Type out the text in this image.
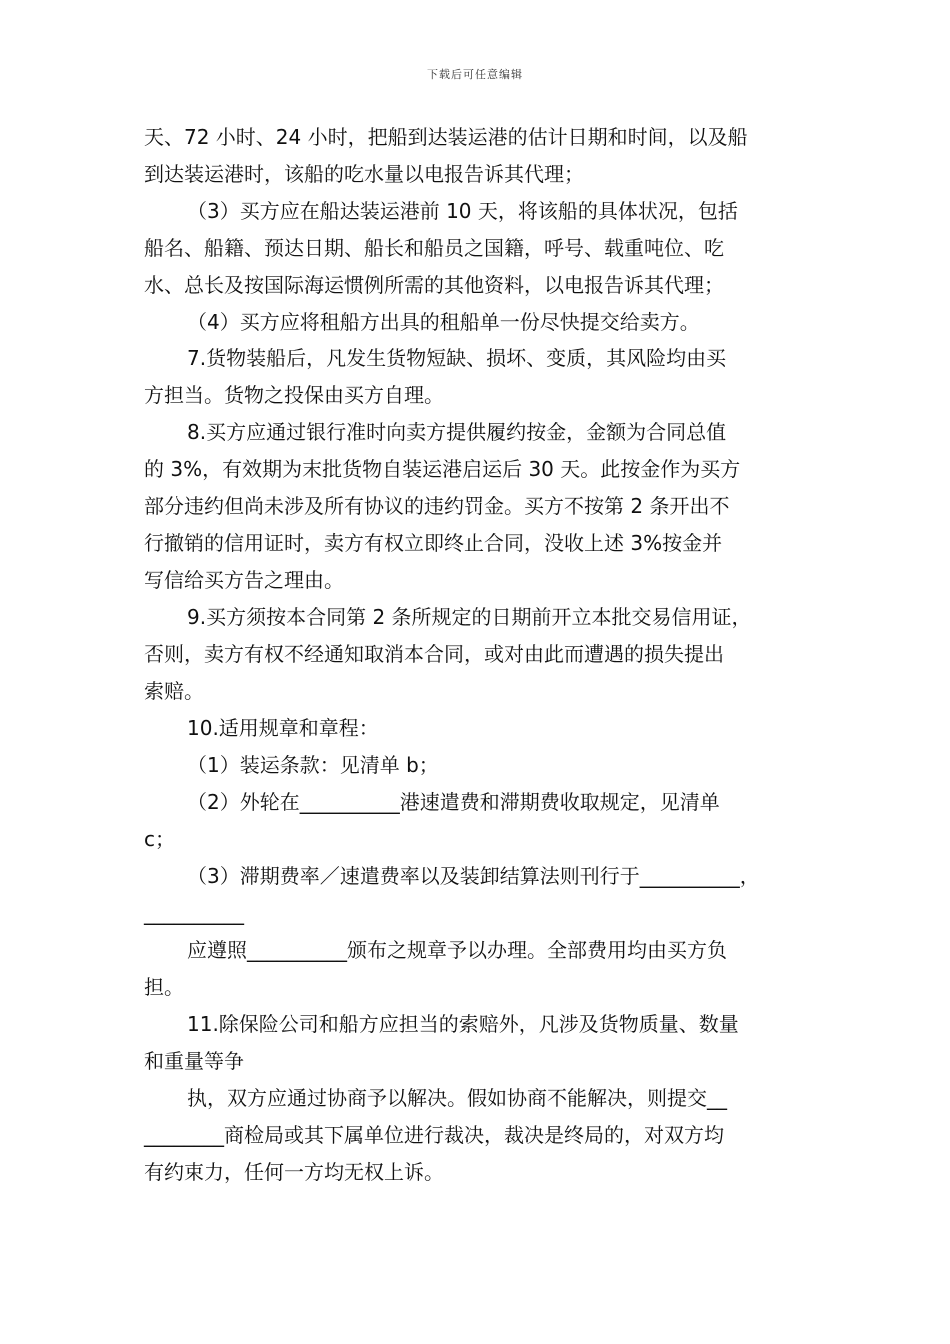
下载后可任意编辑
天、72 小时、24 小时，把船到达装运港的估计日期和时间，以及船
到达装运港时，该船的吃水量以电报告诉其代理；
（3）买方应在船达装运港前 10 天，将该船的具体状况，包括
船名、船籍、预达日期、船长和船员之国籍，呼号、载重吨位、吃
水、总长及按国际海运惯例所需的其他资料，以电报告诉其代理；
（4）买方应将租船方出具的租船单一份尽快提交给卖方。
7.货物装船后，凡发生货物短缺、损坏、变质，其风险均由买
方担当。货物之投保由买方自理。
8.买方应通过银行准时向卖方提供履约按金，金额为合同总值
的 3%，有效期为末批货物自装运港启运后 30 天。此按金作为买方
部分违约但尚未涉及所有协议的违约罚金。买方不按第 2 条开出不
行撤销的信用证时，卖方有权立即终止合同，没收上述 3%按金并
写信给买方告之理由。
9.买方须按本合同第 2 条所规定的日期前开立本批交易信用证，
否则，卖方有权不经通知取消本合同，或对由此而遭遇的损失提出
索赔。
10.适用规章和章程：
（1）装运条款：见清单 b；
（2）外轮在__________港速遣费和滞期费收取规定，见清单
c；
（3）滞期费率／速遣费率以及装卸结算法则刊行于__________，
__________
应遵照__________颁布之规章予以办理。全部费用均由买方负
担。
11.除保险公司和船方应担当的索赔外，凡涉及货物质量、数量
和重量等争
执，双方应通过协商予以解决。假如协商不能解决，则提交__
________商检局或其下属单位进行裁决，裁决是终局的，对双方均
有约束力，任何一方均无权上诉。
